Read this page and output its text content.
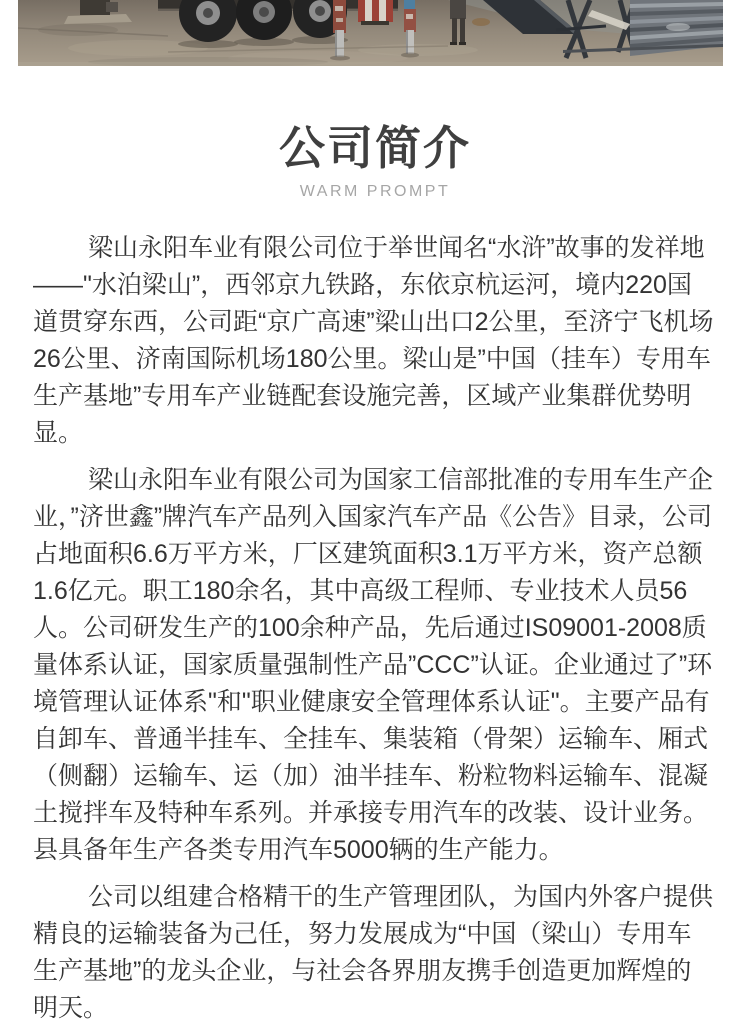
公司简介
WARM PROMPT

梁山永阳车业有限公司位于举世闻名“水浒”故事的发祥地——"水泊梁山”，西邻京九铁路，东依京杭运河，境内220国道贯穿东西，公司距“京广高速”梁山出口2公里，至济宁飞机场26公里、济南国际机场180公里。梁山是”中国（挂车）专用车生产基地”专用车产业链配套设施完善，区域产业集群优势明显。

梁山永阳车业有限公司为国家工信部批准的专用车生产企业，”济世鑫”牌汽车产品列入国家汽车产品《公告》目录，公司占地面积6.6万平方米，厂区建筑面积3.1万平方米，资产总额1.6亿元。职工180余名，其中高级工程师、专业技术人员56人。公司研发生产的100余种产品，先后通过IS09001-2008质量体系认证，国家质量强制性产品”CCC”认证。企业通过了”环境管理认证体系"和"职业健康安全管理体系认证"。主要产品有自卸车、普通半挂车、全挂车、集装箱（骨架）运输车、厢式（侧翻）运输车、运（加）油半挂车、粉粒物料运输车、混凝土搅拌车及特种车系列。并承接专用汽车的改装、设计业务。县具备年生产各类专用汽车5000辆的生产能力。

公司以组建合格精干的生产管理团队，为国内外客户提供精良的运输装备为己任，努力发展成为“中国（梁山）专用车生产基地”的龙头企业，与社会各界朋友携手创造更加辉煌的明天。
